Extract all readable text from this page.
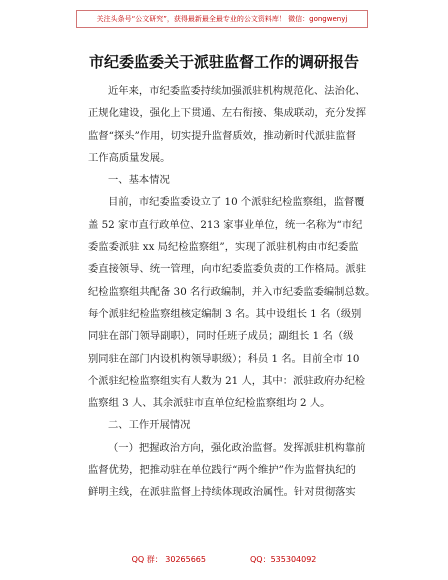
关注头条号“公文研究”，获得最新最全最专业的公文资料库！ 微信：gongwenyj
市纪委监委关于派驻监督工作的调研报告
近年来，市纪委监委持续加强派驻机构规范化、法治化、
正规化建设，强化上下贯通、左右衔接、集成联动，充分发挥
监督“探头”作用，切实提升监督质效，推动新时代派驻监督
工作高质量发展。
一、基本情况
目前，市纪委监委设立了 10 个派驻纪检监察组，监督覆
盖 52 家市直行政单位、213 家事业单位，统一名称为“市纪
委监委派驻 xx 局纪检监察组”，实现了派驻机构由市纪委监
委直接领导、统一管理，向市纪委监委负责的工作格局。派驻
纪检监察组共配备 30 名行政编制，并入市纪委监委编制总数。
每个派驻纪检监察组核定编制 3 名。其中设组长 1 名（级别
同驻在部门领导副职），同时任班子成员；副组长 1 名（级
别同驻在部门内设机构领导职级）；科员 1 名。目前全市 10
个派驻纪检监察组实有人数为 21 人，其中：派驻政府办纪检
监察组 3 人、其余派驻市直单位纪检监察组均 2 人。
二、工作开展情况
（一）把握政治方向，强化政治监督。发挥派驻机构靠前
监督优势，把推动驻在单位践行“两个维护”作为监督执纪的
鲜明主线，在派驻监督上持续体现政治属性。针对贯彻落实
QQ 群： 30265665	QQ：535304092
